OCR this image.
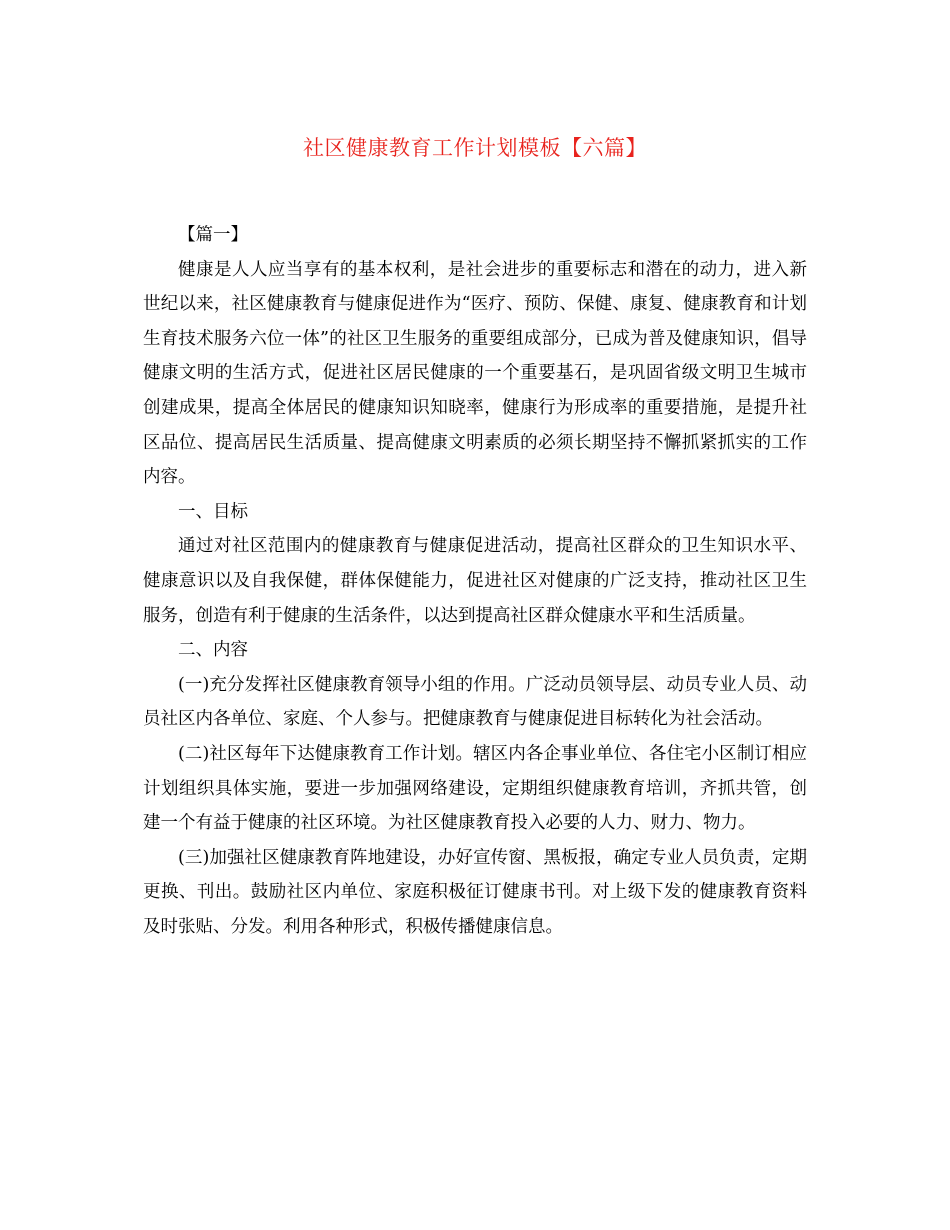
社区健康教育工作计划模板【六篇】

【篇一】

健康是人人应当享有的基本权利，是社会进步的重要标志和潜在的动力，进入新世纪以来，社区健康教育与健康促进作为“医疗、预防、保健、康复、健康教育和计划生育技术服务六位一体”的社区卫生服务的重要组成部分，已成为普及健康知识，倡导健康文明的生活方式，促进社区居民健康的一个重要基石，是巩固省级文明卫生城市创建成果，提高全体居民的健康知识知晓率，健康行为形成率的重要措施，是提升社区品位、提高居民生活质量、提高健康文明素质的必须长期坚持不懈抓紧抓实的工作内容。

一、目标

通过对社区范围内的健康教育与健康促进活动，提高社区群众的卫生知识水平、健康意识以及自我保健，群体保健能力，促进社区对健康的广泛支持，推动社区卫生服务，创造有利于健康的生活条件，以达到提高社区群众健康水平和生活质量。

二、内容

(一)充分发挥社区健康教育领导小组的作用。广泛动员领导层、动员专业人员、动员社区内各单位、家庭、个人参与。把健康教育与健康促进目标转化为社会活动。

(二)社区每年下达健康教育工作计划。辖区内各企事业单位、各住宅小区制订相应计划组织具体实施，要进一步加强网络建设，定期组织健康教育培训，齐抓共管，创建一个有益于健康的社区环境。为社区健康教育投入必要的人力、财力、物力。

(三)加强社区健康教育阵地建设，办好宣传窗、黑板报，确定专业人员负责，定期更换、刊出。鼓励社区内单位、家庭积极征订健康书刊。对上级下发的健康教育资料及时张贴、分发。利用各种形式，积极传播健康信息。
